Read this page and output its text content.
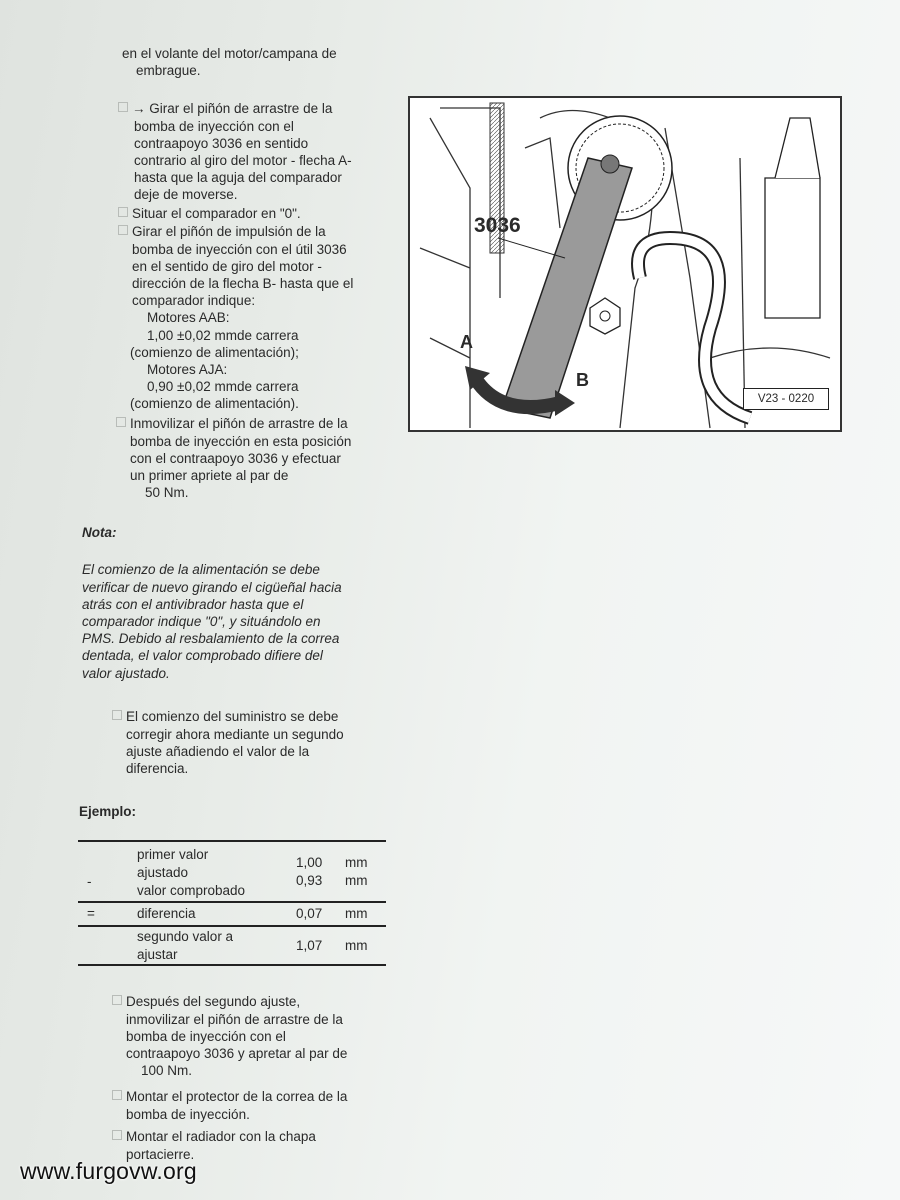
en el volante del motor/campana de
embrague.
→ Girar el piñón de arrastre de la
bomba de inyección con el
contraapoyo 3036 en sentido
contrario al giro del motor - flecha A-
hasta que la aguja del comparador
deje de moverse.
Situar el comparador en "0".
Girar el piñón de impulsión de la
bomba de inyección con el útil 3036
en el sentido de giro del motor -
dirección de la flecha B- hasta que el
comparador indique:
Motores AAB:
1,00 ±0,02 mmde carrera
(comienzo de alimentación);
Motores AJA:
0,90 ±0,02 mmde carrera
(comienzo de alimentación).
Inmovilizar el piñón de arrastre de la
bomba de inyección en esta posición
con el contraapoyo 3036 y efectuar
un primer apriete al par de
50 Nm.
Nota:
El comienzo de la alimentación se debe
verificar de nuevo girando el cigüeñal hacia
atrás con el antivibrador hasta que el
comparador indique "0", y situándolo en
PMS. Debido al resbalamiento de la correa
dentada, el valor comprobado difiere del
valor ajustado.
El comienzo del suministro se debe
corregir ahora mediante un segundo
ajuste añadiendo el valor de la
diferencia.
Ejemplo:
-
primer valor
ajustado
valor comprobado
1,00
0,93
mm
mm
=	diferencia	0,07 mm
segundo valor a
ajustar
1,07 mm
Después del segundo ajuste,
inmovilizar el piñón de arrastre de la
bomba de inyección con el
contraapoyo 3036 y apretar al par de
100 Nm.
Montar el protector de la correa de la
bomba de inyección.
Montar el radiador con la chapa
portacierre.
3036
A
B
V23 - 0220
www.furgovw.org
